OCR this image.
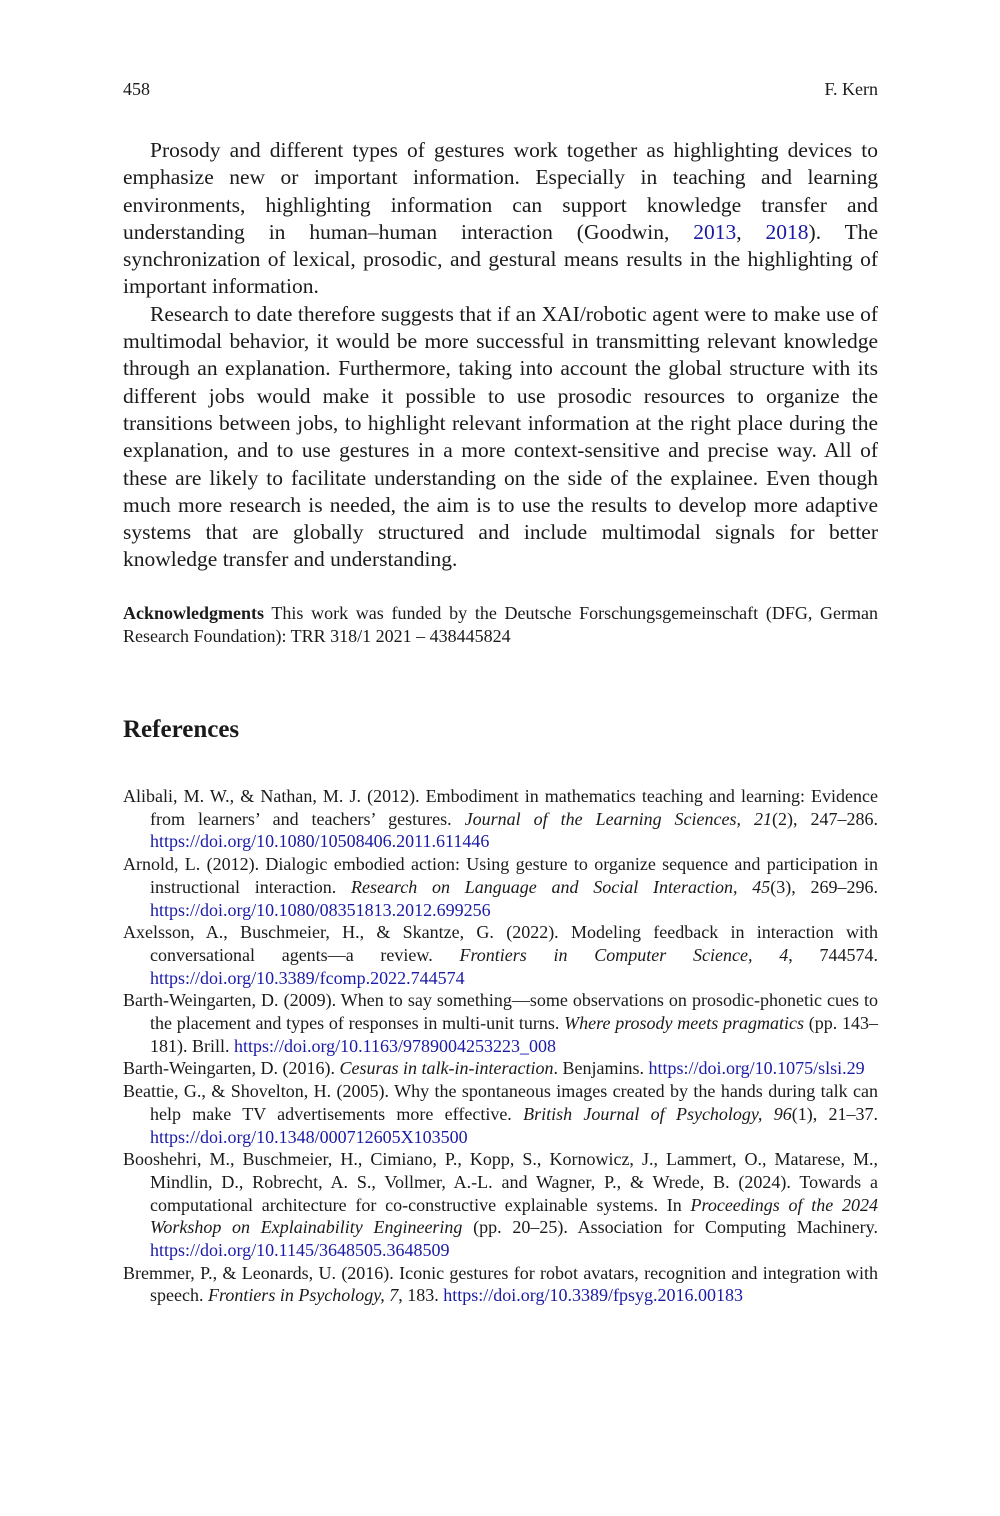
458	F. Kern

Prosody and different types of gestures work together as highlighting devices to emphasize new or important information. Especially in teaching and learning environments, highlighting information can support knowledge transfer and understanding in human–human interaction (Goodwin, 2013, 2018). The synchronization of lexical, prosodic, and gestural means results in the highlighting of important information.

Research to date therefore suggests that if an XAI/robotic agent were to make use of multimodal behavior, it would be more successful in transmitting relevant knowledge through an explanation. Furthermore, taking into account the global structure with its different jobs would make it possible to use prosodic resources to organize the transitions between jobs, to highlight relevant information at the right place during the explanation, and to use gestures in a more context-sensitive and precise way. All of these are likely to facilitate understanding on the side of the explainee. Even though much more research is needed, the aim is to use the results to develop more adaptive systems that are globally structured and include multimodal signals for better knowledge transfer and understanding.

Acknowledgments This work was funded by the Deutsche Forschungsgemeinschaft (DFG, German Research Foundation): TRR 318/1 2021 – 438445824
References
Alibali, M. W., & Nathan, M. J. (2012). Embodiment in mathematics teaching and learning: Evidence from learners’ and teachers’ gestures. Journal of the Learning Sciences, 21(2), 247–286. https://doi.org/10.1080/10508406.2011.611446
Arnold, L. (2012). Dialogic embodied action: Using gesture to organize sequence and participation in instructional interaction. Research on Language and Social Interaction, 45(3), 269–296. https://doi.org/10.1080/08351813.2012.699256
Axelsson, A., Buschmeier, H., & Skantze, G. (2022). Modeling feedback in interaction with conversational agents—a review. Frontiers in Computer Science, 4, 744574. https://doi.org/10.3389/fcomp.2022.744574
Barth-Weingarten, D. (2009). When to say something—some observations on prosodic-phonetic cues to the placement and types of responses in multi-unit turns. Where prosody meets pragmatics (pp. 143–181). Brill. https://doi.org/10.1163/9789004253223_008
Barth-Weingarten, D. (2016). Cesuras in talk-in-interaction. Benjamins. https://doi.org/10.1075/slsi.29
Beattie, G., & Shovelton, H. (2005). Why the spontaneous images created by the hands during talk can help make TV advertisements more effective. British Journal of Psychology, 96(1), 21–37. https://doi.org/10.1348/000712605X103500
Booshehri, M., Buschmeier, H., Cimiano, P., Kopp, S., Kornowicz, J., Lammert, O., Matarese, M., Mindlin, D., Robrecht, A. S., Vollmer, A.-L. and Wagner, P., & Wrede, B. (2024). Towards a computational architecture for co-constructive explainable systems. In Proceedings of the 2024 Workshop on Explainability Engineering (pp. 20–25). Association for Computing Machinery. https://doi.org/10.1145/3648505.3648509
Bremmer, P., & Leonards, U. (2016). Iconic gestures for robot avatars, recognition and integration with speech. Frontiers in Psychology, 7, 183. https://doi.org/10.3389/fpsyg.2016.00183
